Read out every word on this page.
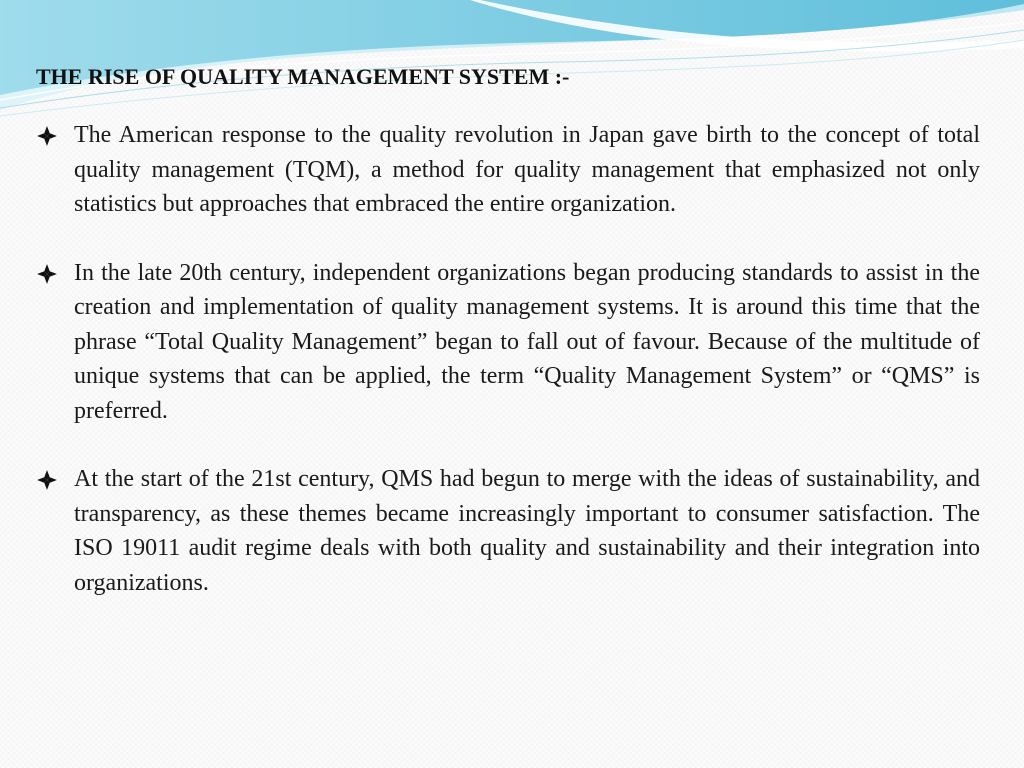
THE RISE OF QUALITY MANAGEMENT SYSTEM :-
The American response to the quality revolution in Japan gave birth to the concept of total quality management (TQM), a method for quality management that emphasized not only statistics but approaches that embraced the entire organization.
In the late 20th century, independent organizations began producing standards to assist in the creation and implementation of quality management systems. It is around this time that the phrase “Total Quality Management” began to fall out of favour. Because of the multitude of unique systems that can be applied, the term “Quality Management System” or “QMS” is preferred.
At the start of the 21st century, QMS had begun to merge with the ideas of sustainability, and transparency, as these themes became increasingly important to consumer satisfaction. The ISO 19011 audit regime deals with both quality and sustainability and their integration into organizations.
